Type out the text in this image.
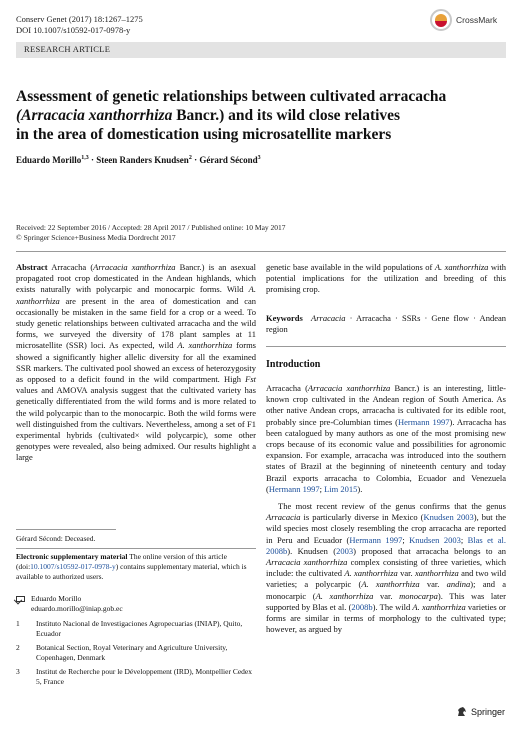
Conserv Genet (2017) 18:1267–1275
DOI 10.1007/s10592-017-0978-y
CrossMark
RESEARCH ARTICLE
Assessment of genetic relationships between cultivated arracacha
(Arracacia xanthorrhiza Bancr.) and its wild close relatives
in the area of domestication using microsatellite markers
Eduardo Morillo$^{1,3}$ · Steen Randers Knudsen$^2$ · Gérard Sécond$^3$
Received: 22 September 2016 / Accepted: 28 April 2017 / Published online: 10 May 2017
© Springer Science+Business Media Dordrecht 2017

Abstract Arracacha (Arracacia xanthorrhiza Bancr.) is an asexual propagated root crop domesticated in the Andean highlands, which exists naturally with polycarpic and monocarpic forms. Wild A. xanthorrhiza are present in the area of domestication and can occasionally be mistaken in the same field for a crop or a weed. To study genetic relationships between cultivated arracacha and the wild forms, we surveyed the diversity of 178 plant samples at 11 microsatellite (SSR) loci. As expected, wild A. xanthorrhiza forms showed a significantly higher allelic diversity for all the examined SSR markers. The cultivated pool showed an excess of heterozygosity as opposed to a deficit found in the wild compartment. High Fst values and AMOVA analysis suggest that the cultivated variety has genetically differentiated from the wild forms and is more related to the wild polycarpic than to the monocarpic. Both the wild forms were well distinguished from the cultivars. Nevertheless, among a set of F1 experimental hybrids (cultivated× wild polycarpic), some other genotypes were revealed, also being admixed. Our results highlight a large

genetic base available in the wild populations of A. xanthorrhiza with potential implications for the utilization and breeding of this promising crop.

Keywords Arracacia · Arracacha · SSRs · Gene flow · Andean region

Introduction

Arracacha (Arracacia xanthorrhiza Bancr.) is an interesting, little-known crop cultivated in the Andean region of South America. As other native Andean crops, arracacha is cultivated for its edible root, probably since pre-Columbian times (Hermann 1997). Arracacha has been catalogued by many authors as one of the most promising new crops because of its economic value and possibilities for agronomic expansion. For example, arracacha was introduced into the southern states of Brazil at the beginning of nineteenth century and today Brazil exports arracacha to Colombia, Ecuador and Venezuela (Hermann 1997; Lim 2015).

The most recent review of the genus confirms that the genus Arracacia is particularly diverse in Mexico (Knudsen 2003), but the wild species most closely resembling the crop arracacha are reported in Peru and Ecuador (Hermann 1997; Knudsen 2003; Blas et al. 2008b). Knudsen (2003) proposed that arracacha belongs to an Arracacia xanthorrhiza complex consisting of three varieties, which include: the cultivated A. xanthorrhiza var. xanthorrhiza and two wild varieties; a polycarpic (A. xanthorrhiza var. andina); and a monocarpic (A. xanthorrhiza var. monocarpa). This was later supported by Blas et al. (2008b). The wild A. xanthorrhiza varieties or forms are similar in terms of morphology to the cultivated type; however, as argued by

Gérard Sécond: Deceased.
Electronic supplementary material The online version of this article (doi:10.1007/s10592-017-0978-y) contains supplementary material, which is available to authorized users.
Eduardo Morillo
eduardo.morillo@iniap.gob.ec
1	Instituto Nacional de Investigaciones Agropecuarias (INIAP), Quito, Ecuador
2	Botanical Section, Royal Veterinary and Agriculture University, Copenhagen, Denmark
3	Institut de Recherche pour le Développement (IRD), Montpellier Cedex 5, France
Springer
